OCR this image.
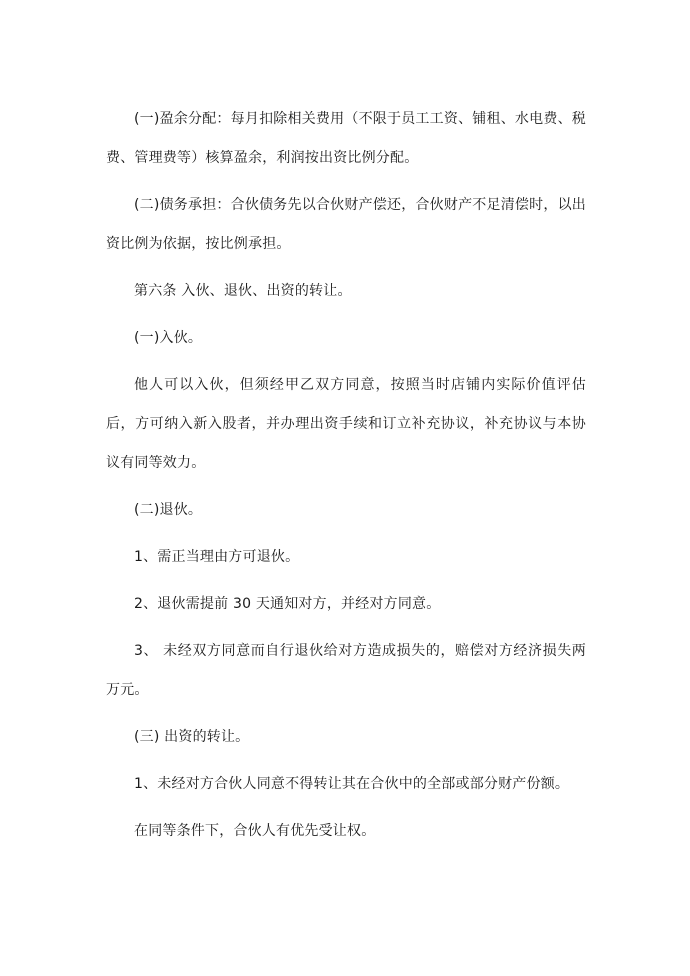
(一)盈余分配：每月扣除相关费用（不限于员工工资、铺租、水电费、税费、管理费等）核算盈余，利润按出资比例分配。

(二)债务承担：合伙债务先以合伙财产偿还，合伙财产不足清偿时，以出资比例为依据，按比例承担。

第六条 入伙、退伙、出资的转让。

(一)入伙。

他人可以入伙，但须经甲乙双方同意，按照当时店铺内实际价值评估后，方可纳入新入股者，并办理出资手续和订立补充协议，补充协议与本协议有同等效力。

(二)退伙。

1、需正当理由方可退伙。

2、退伙需提前 30 天通知对方，并经对方同意。

3、 未经双方同意而自行退伙给对方造成损失的，赔偿对方经济损失两万元。

(三) 出资的转让。

1、未经对方合伙人同意不得转让其在合伙中的全部或部分财产份额。

在同等条件下，合伙人有优先受让权。
